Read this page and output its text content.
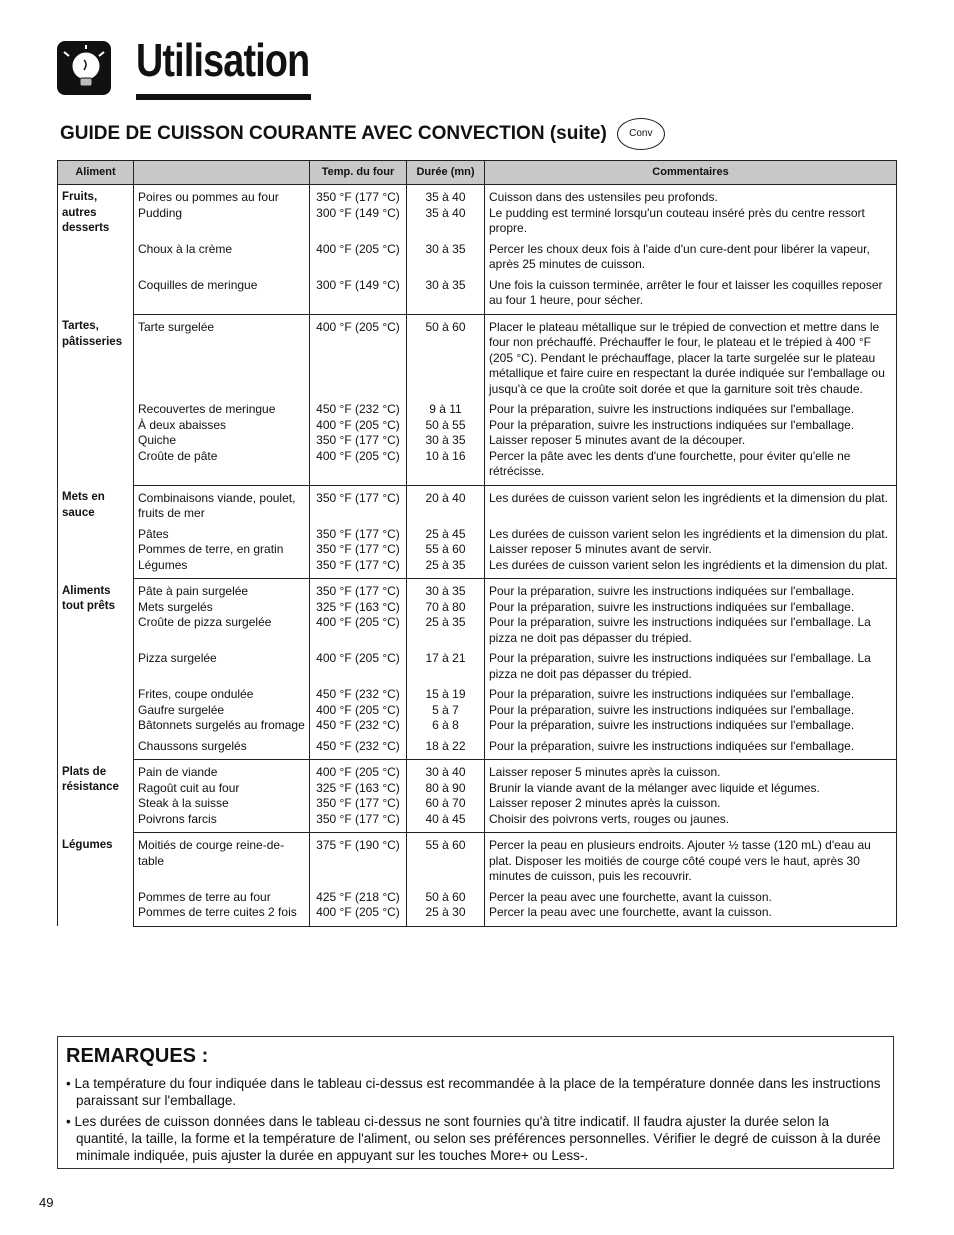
Utilisation
GUIDE DE CUISSON COURANTE AVEC CONVECTION (suite)	Conv
Aliment		Temp. du four	Durée (mn)	Commentaires
Fruits, autres desserts	Poires ou pommes au four	350 °F (177 °C)	35 à 40	Cuisson dans des ustensiles peu profonds.
	Pudding	300 °F (149 °C)	35 à 40	Le pudding est terminé lorsqu'un couteau inséré près du centre ressort propre.
	Choux à la crème	400 °F (205 °C)	30 à 35	Percer les choux deux fois à l'aide d'un cure-dent pour libérer la vapeur, après 25 minutes de cuisson.
	Coquilles de meringue	300 °F (149 °C)	30 à 35	Une fois la cuisson terminée, arrêter le four et laisser les coquilles reposer au four 1 heure, pour sécher.
Tartes, pâtisseries	Tarte surgelée	400 °F (205 °C)	50 à 60	Placer le plateau métallique sur le trépied de convection et mettre dans le four non préchauffé. Préchauffer le four, le plateau et le trépied à 400 °F (205 °C). Pendant le préchauffage, placer la tarte surgelée sur le plateau métallique et faire cuire en respectant la durée indiquée sur l'emballage ou jusqu'à ce que la croûte soit dorée et que la garniture soit très chaude.
	Recouvertes de meringue	450 °F (232 °C)	9 à 11	Pour la préparation, suivre les instructions indiquées sur l'emballage.
	À deux abaisses	400 °F (205 °C)	50 à 55	Pour la préparation, suivre les instructions indiquées sur l'emballage.
	Quiche	350 °F (177 °C)	30 à 35	Laisser reposer 5 minutes avant de la découper.
	Croûte de pâte	400 °F (205 °C)	10 à 16	Percer la pâte avec les dents d'une fourchette, pour éviter qu'elle ne rétrécisse.
Mets en sauce	Combinaisons viande, poulet, fruits de mer	350 °F (177 °C)	20 à 40	Les durées de cuisson varient selon les ingrédients et la dimension du plat.
	Pâtes	350 °F (177 °C)	25 à 45	Les durées de cuisson varient selon les ingrédients et la dimension du plat.
	Pommes de terre, en gratin	350 °F (177 °C)	55 à 60	Laisser reposer 5 minutes avant de servir.
	Légumes	350 °F (177 °C)	25 à 35	Les durées de cuisson varient selon les ingrédients et la dimension du plat.
Aliments tout prêts	Pâte à pain surgelée	350 °F (177 °C)	30 à 35	Pour la préparation, suivre les instructions indiquées sur l'emballage.
	Mets surgelés	325 °F (163 °C)	70 à 80	Pour la préparation, suivre les instructions indiquées sur l'emballage.
	Croûte de pizza surgelée	400 °F (205 °C)	25 à 35	Pour la préparation, suivre les instructions indiquées sur l'emballage. La pizza ne doit pas dépasser du trépied.
	Pizza surgelée	400 °F (205 °C)	17 à 21	Pour la préparation, suivre les instructions indiquées sur l'emballage. La pizza ne doit pas dépasser du trépied.
	Frites, coupe ondulée	450 °F (232 °C)	15 à 19	Pour la préparation, suivre les instructions indiquées sur l'emballage.
	Gaufre surgelée	400 °F (205 °C)	5 à 7	Pour la préparation, suivre les instructions indiquées sur l'emballage.
	Bâtonnets surgelés au fromage	450 °F (232 °C)	6 à 8	Pour la préparation, suivre les instructions indiquées sur l'emballage.
	Chaussons surgelés	450 °F (232 °C)	18 à 22	Pour la préparation, suivre les instructions indiquées sur l'emballage.
Plats de résistance	Pain de viande	400 °F (205 °C)	30 à 40	Laisser reposer 5 minutes après la cuisson.
	Ragoût cuit au four	325 °F (163 °C)	80 à 90	Brunir la viande avant de la mélanger avec liquide et légumes.
	Steak à la suisse	350 °F (177 °C)	60 à 70	Laisser reposer 2 minutes après la cuisson.
	Poivrons farcis	350 °F (177 °C)	40 à 45	Choisir des poivrons verts, rouges ou jaunes.
Légumes	Moitiés de courge reine-de-table	375 °F (190 °C)	55 à 60	Percer la peau en plusieurs endroits. Ajouter ½ tasse (120 mL) d'eau au plat. Disposer les moitiés de courge côté coupé vers le haut, après 30 minutes de cuisson, puis les recouvrir.
	Pommes de terre au four	425 °F (218 °C)	50 à 60	Percer la peau avec une fourchette, avant la cuisson.
	Pommes de terre cuites 2 fois	400 °F (205 °C)	25 à 30	Percer la peau avec une fourchette, avant la cuisson.
REMARQUES :
• La température du four indiquée dans le tableau ci-dessus est recommandée à la place de la température donnée dans les instructions paraissant sur l'emballage.
• Les durées de cuisson données dans le tableau ci-dessus ne sont fournies qu'à titre indicatif. Il faudra ajuster la durée selon la quantité, la taille, la forme et la température de l'aliment, ou selon ses préférences personnelles. Vérifier le degré de cuisson à la durée minimale indiquée, puis ajuster la durée en appuyant sur les touches More+ ou Less-.
49
